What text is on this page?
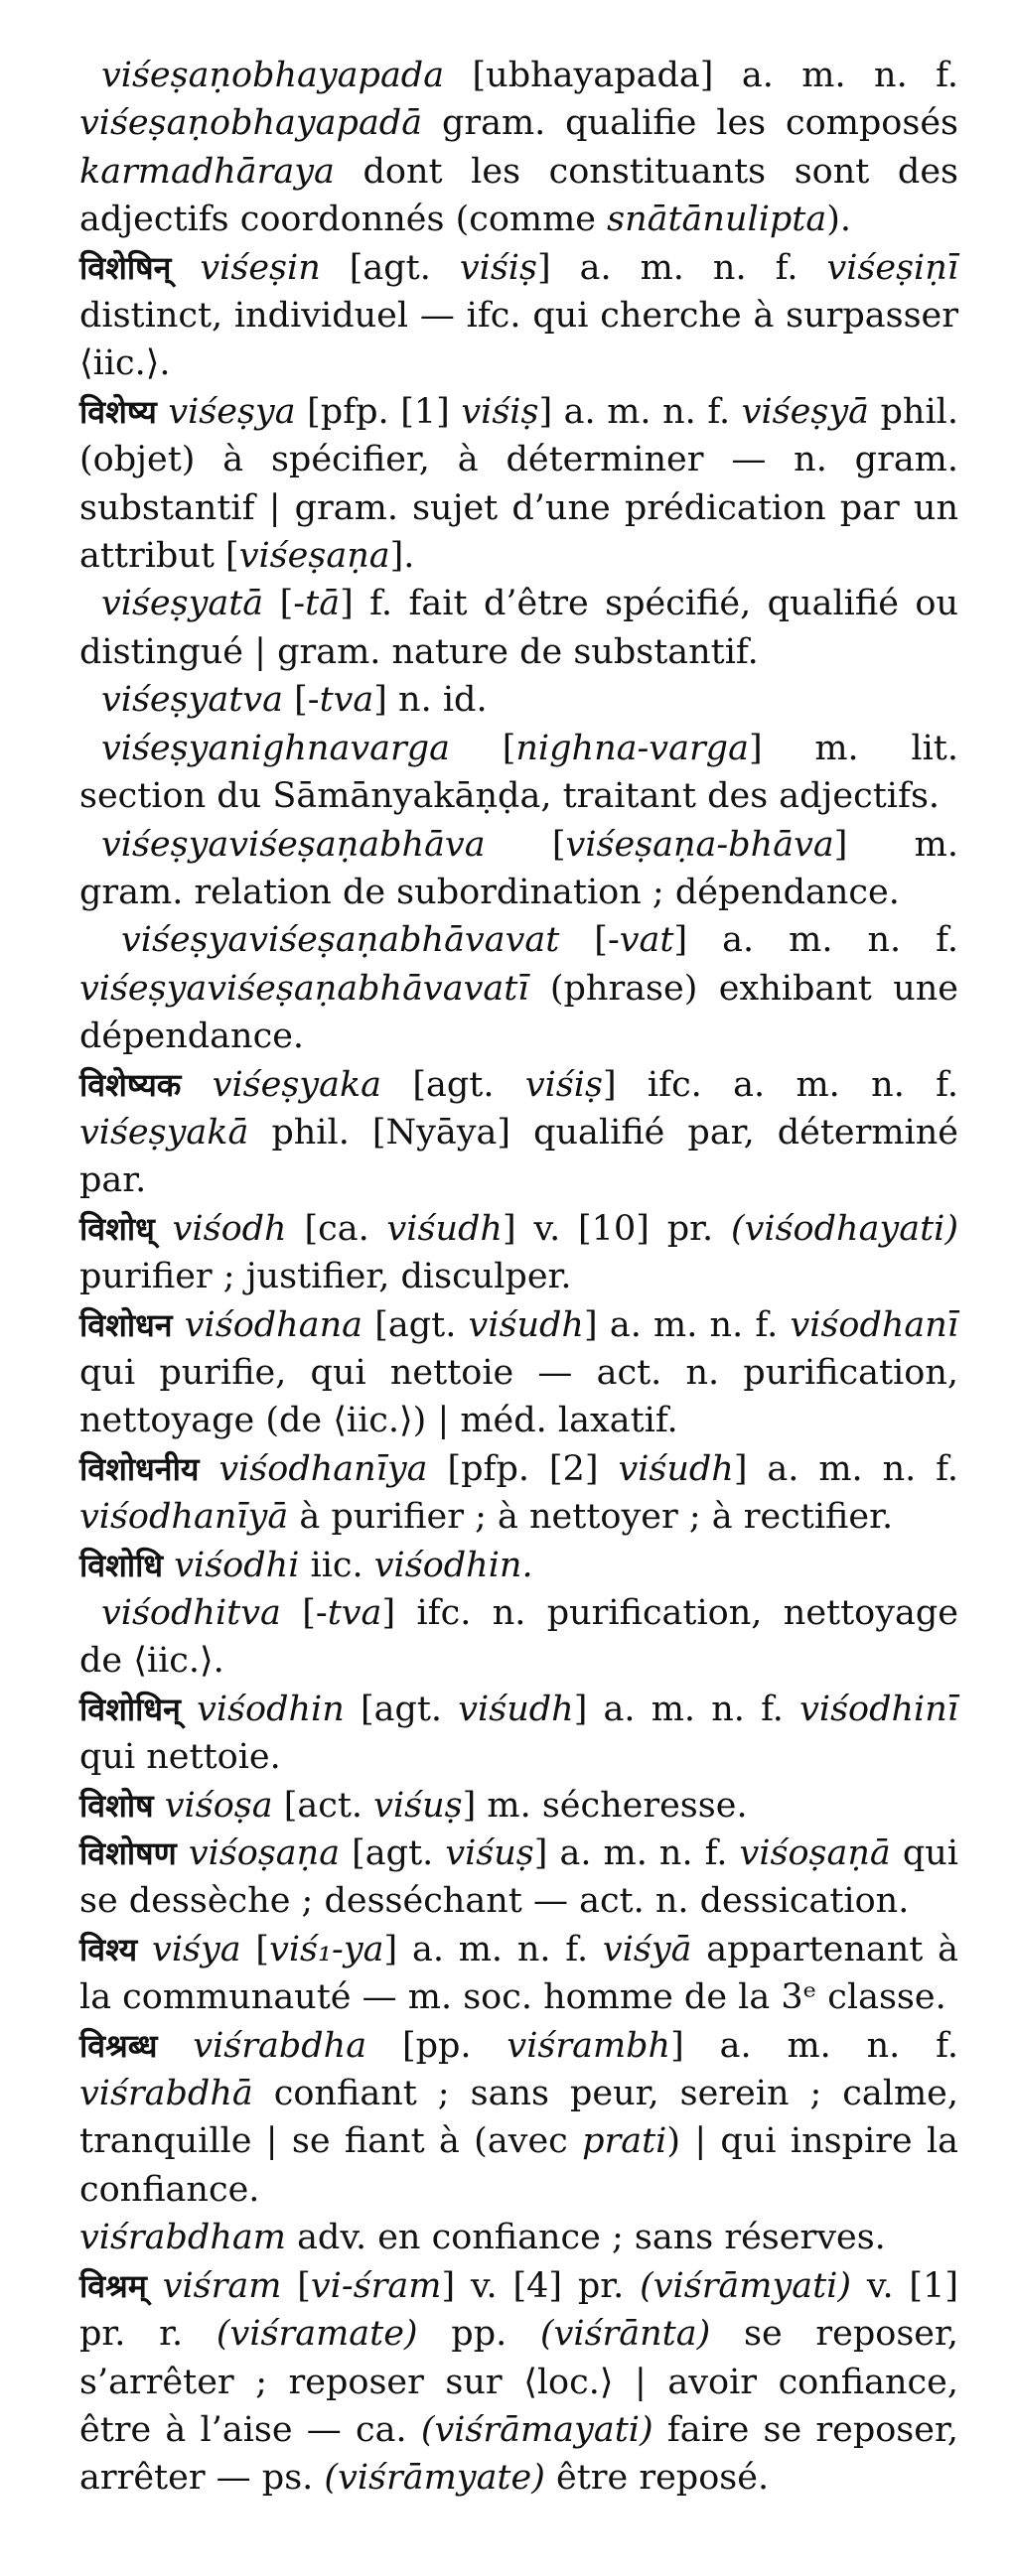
viśeṣaṇobhayapada [ubhayapada] a. m. n. f. viśeṣaṇobhayapadā gram. qualifie les composés karmadhāraya dont les constituants sont des adjectifs coordonnés (comme snātānulipta).

विशेषिन् viśeṣin [agt. viśiṣ] a. m. n. f. viśeṣiṇī distinct, individuel — ifc. qui cherche à surpasser ⟨iic.⟩.

विशेष्य viśeṣya [pfp. [1] viśiṣ] a. m. n. f. viśeṣyā phil. (objet) à spécifier, à déterminer — n. gram. substantif | gram. sujet d’une prédication par un attribut [viśeṣaṇa].

viśeṣyatā [-tā] f. fait d’être spécifié, qualifié ou distingué | gram. nature de substantif.

viśeṣyatva [-tva] n. id.

viśeṣyanighnavarga [nighna-varga] m. lit. section du Sāmānyakāṇḍa, traitant des adjectifs.

viśeṣyaviśeṣaṇabhāva [viśeṣaṇa-bhāva] m. gram. relation de subordination ; dépendance.

viśeṣyaviśeṣaṇabhāvavat [-vat] a. m. n. f. viśeṣyaviśeṣaṇabhāvavatī (phrase) exhibant une dépendance.

विशेष्यक viśeṣyaka [agt. viśiṣ] ifc. a. m. n. f. viśeṣyakā phil. [Nyāya] qualifié par, déterminé par.

विशोध् viśodh [ca. viśudh] v. [10] pr. (viśodhayati) purifier ; justifier, disculper.

विशोधन viśodhana [agt. viśudh] a. m. n. f. viśodhanī qui purifie, qui nettoie — act. n. purification, nettoyage (de ⟨iic.⟩) | méd. laxatif.

विशोधनीय viśodhanīya [pfp. [2] viśudh] a. m. n. f. viśodhanīyā à purifier ; à nettoyer ; à rectifier.

विशोधि viśodhi iic. viśodhin.

viśodhitva [-tva] ifc. n. purification, nettoyage de ⟨iic.⟩.

विशोधिन् viśodhin [agt. viśudh] a. m. n. f. viśodhinī qui nettoie.

विशोष viśoṣa [act. viśuṣ] m. sécheresse.

विशोषण viśoṣaṇa [agt. viśuṣ] a. m. n. f. viśoṣaṇā qui se dessèche ; desséchant — act. n. dessication.

विश्य viśya [viś₁-ya] a. m. n. f. viśyā appartenant à la communauté — m. soc. homme de la 3ᵉ classe.

विश्रब्ध viśrabdha [pp. viśrambh] a. m. n. f. viśrabdhā confiant ; sans peur, serein ; calme, tranquille | se fiant à (avec prati) | qui inspire la confiance.

viśrabdham adv. en confiance ; sans réserves.

विश्रम् viśram [vi-śram] v. [4] pr. (viśrāmyati) v. [1] pr. r. (viśramate) pp. (viśrānta) se reposer, s’arrêter ; reposer sur ⟨loc.⟩ | avoir confiance, être à l’aise — ca. (viśrāmayati) faire se reposer, arrêter — ps. (viśrāmyate) être reposé.
